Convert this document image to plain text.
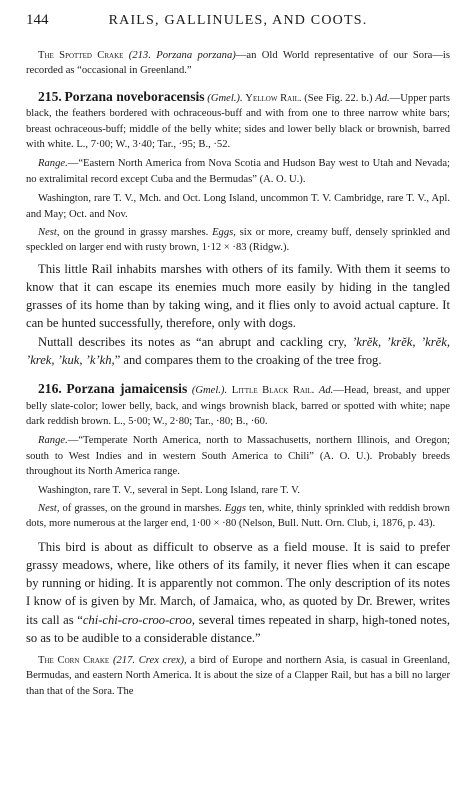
144	RAILS, GALLINULES, AND COOTS.

The Spotted Crake (213. Porzana porzana)—an Old World representative of our Sora—is recorded as “occasional in Greenland.”

215. Porzana noveboracensis (Gmel.). Yellow Rail. (See Fig. 22. b.) Ad.—Upper parts black, the feathers bordered with ochraceous-buff and with from one to three narrow white bars; breast ochraceous-buff; middle of the belly white; sides and lower belly black or brownish, barred with white. L., 7·00; W., 3·40; Tar., ·95; B., ·52.

Range.—“Eastern North America from Nova Scotia and Hudson Bay west to Utah and Nevada; no extralimital record except Cuba and the Bermudas” (A. O. U.).

Washington, rare T. V., Mch. and Oct. Long Island, uncommon T. V. Cambridge, rare T. V., Apl. and May; Oct. and Nov.

Nest, on the ground in grassy marshes. Eggs, six or more, creamy buff, densely sprinkled and speckled on larger end with rusty brown, 1·12 × ·83 (Ridgw.).

This little Rail inhabits marshes with others of its family. With them it seems to know that it can escape its enemies much more easily by hiding in the tangled grasses of its home than by taking wing, and it flies only to avoid actual capture. It can be hunted successfully, therefore, only with dogs.

Nuttall describes its notes as “an abrupt and cackling cry, ’krĕk, ’krĕk, ’krĕk, ’krek, ’kuk, ’k’kh,” and compares them to the croaking of the tree frog.

216. Porzana jamaicensis (Gmel.). Little Black Rail. Ad.—Head, breast, and upper belly slate-color; lower belly, back, and wings brownish black, barred or spotted with white; nape dark reddish brown. L., 5·00; W., 2·80; Tar., ·80; B., ·60.

Range.—“Temperate North America, north to Massachusetts, northern Illinois, and Oregon; south to West Indies and in western South America to Chili” (A. O. U.). Probably breeds throughout its North America range.

Washington, rare T. V., several in Sept. Long Island, rare T. V.

Nest, of grasses, on the ground in marshes. Eggs ten, white, thinly sprinkled with reddish brown dots, more numerous at the larger end, 1·00 × ·80 (Nelson, Bull. Nutt. Orn. Club, i, 1876, p. 43).

This bird is about as difficult to observe as a field mouse. It is said to prefer grassy meadows, where, like others of its family, it never flies when it can escape by running or hiding. It is apparently not common. The only description of its notes I know of is given by Mr. March, of Jamaica, who, as quoted by Dr. Brewer, writes its call as “chi-chi-cro-croo-croo, several times repeated in sharp, high-toned notes, so as to be audible to a considerable distance.”

The Corn Crake (217. Crex crex), a bird of Europe and northern Asia, is casual in Greenland, Bermudas, and eastern North America. It is about the size of a Clapper Rail, but has a bill no larger than that of the Sora. The
